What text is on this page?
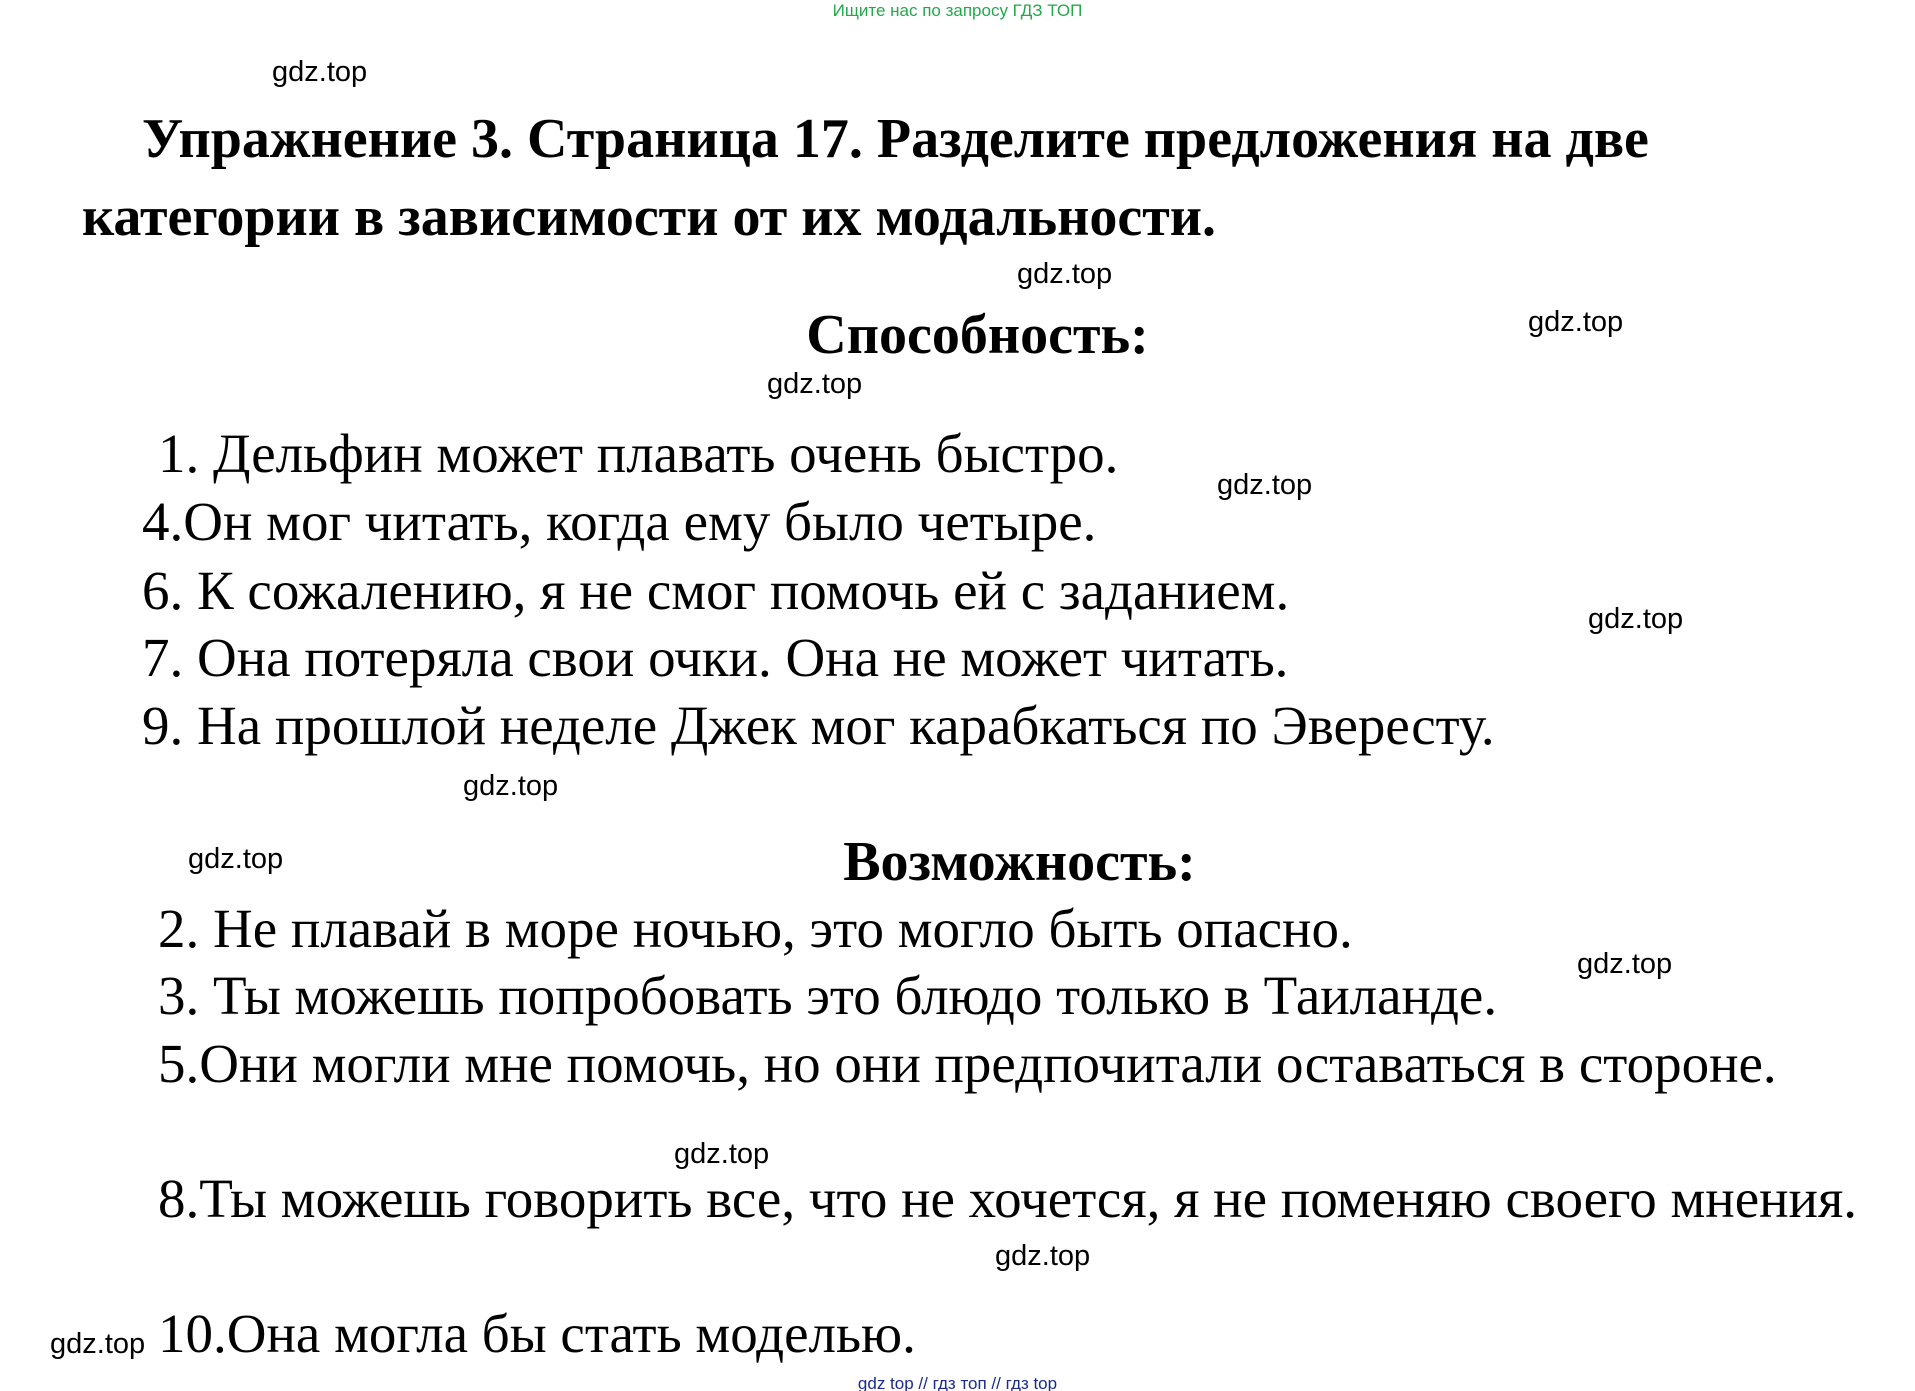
Ищите нас по запросу ГДЗ ТОП
gdz.top
gdz.top
gdz.top
gdz.top
gdz.top
gdz.top
gdz.top
gdz.top
gdz.top
gdz.top
gdz.top
gdz.top

Упражнение 3. Страница 17. Разделите предложения на две категории в зависимости от их модальности.

Способность:

1. Дельфин может плавать очень быстро.

4.Он мог читать, когда ему было четыре.

6. К сожалению, я не смог помочь ей с заданием.

7. Она потеряла свои очки. Она не может читать.

9. На прошлой неделе Джек мог карабкаться по Эвересту.

Возможность:

2. Не плавай в море ночью, это могло быть опасно.

3. Ты можешь попробовать это блюдо только в Таиланде.

5.Они могли мне помочь, но они предпочитали оставаться в стороне.

8.Ты можешь говорить все, что не хочется, я не поменяю своего мнения.

10.Она могла бы стать моделью.

gdz top // гдз топ // гдз top
